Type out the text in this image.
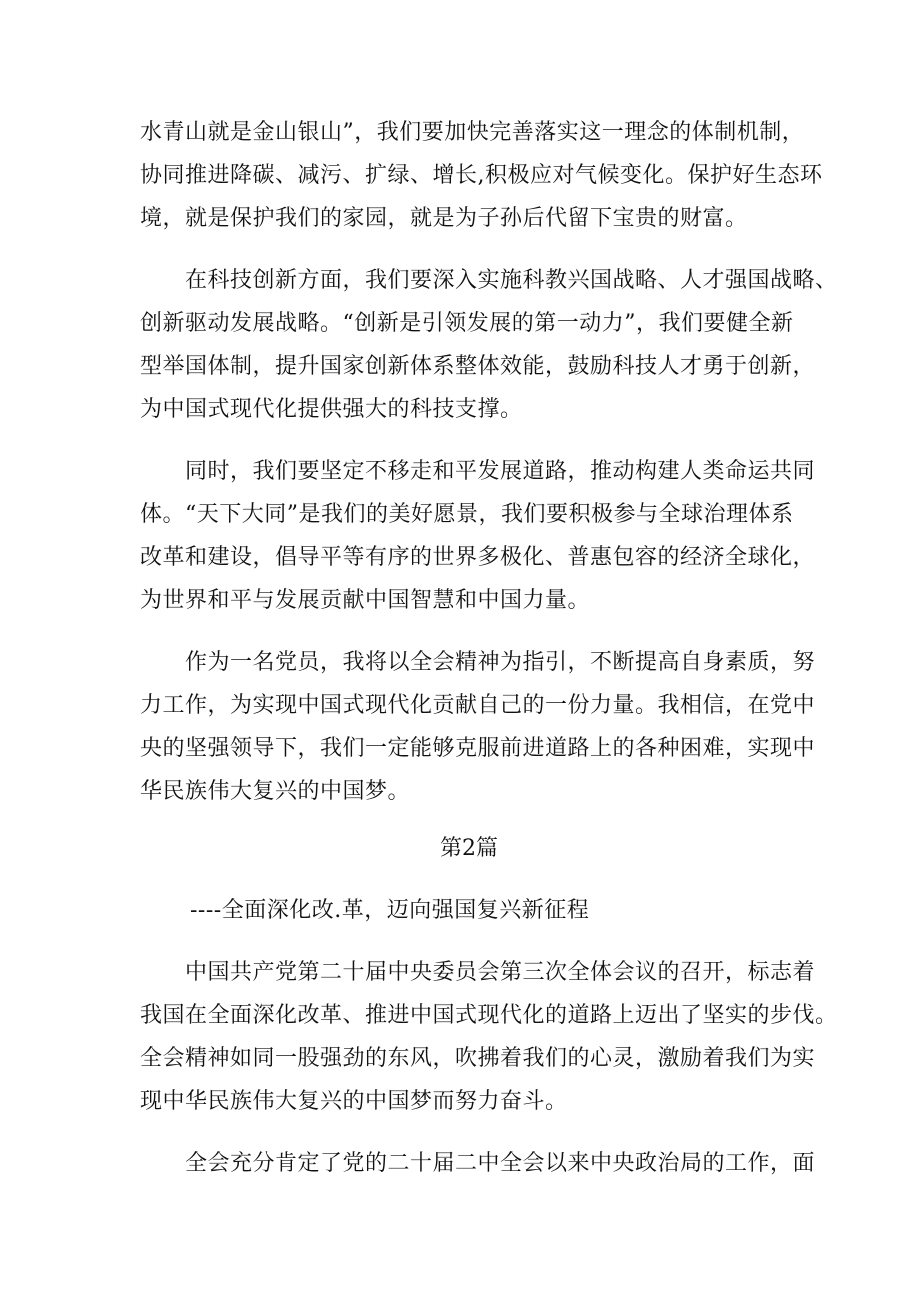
水青山就是金山银山”，我们要加快完善落实这一理念的体制机制，
协同推进降碳、减污、扩绿、增长,积极应对气候变化。保护好生态环
境，就是保护我们的家园，就是为子孙后代留下宝贵的财富。
在科技创新方面，我们要深入实施科教兴国战略、人才强国战略、
创新驱动发展战略。“创新是引领发展的第一动力”，我们要健全新
型举国体制，提升国家创新体系整体效能，鼓励科技人才勇于创新，
为中国式现代化提供强大的科技支撑。
同时，我们要坚定不移走和平发展道路，推动构建人类命运共同
体。“天下大同”是我们的美好愿景，我们要积极参与全球治理体系
改革和建设，倡导平等有序的世界多极化、普惠包容的经济全球化，
为世界和平与发展贡献中国智慧和中国力量。
作为一名党员，我将以全会精神为指引，不断提高自身素质，努
力工作，为实现中国式现代化贡献自己的一份力量。我相信，在党中
央的坚强领导下，我们一定能够克服前进道路上的各种困难，实现中
华民族伟大复兴的中国梦。
第2篇
----全面深化改.革，迈向强国复兴新征程
中国共产党第二十届中央委员会第三次全体会议的召开，标志着
我国在全面深化改革、推进中国式现代化的道路上迈出了坚实的步伐。
全会精神如同一股强劲的东风，吹拂着我们的心灵，激励着我们为实
现中华民族伟大复兴的中国梦而努力奋斗。
全会充分肯定了党的二十届二中全会以来中央政治局的工作，面
